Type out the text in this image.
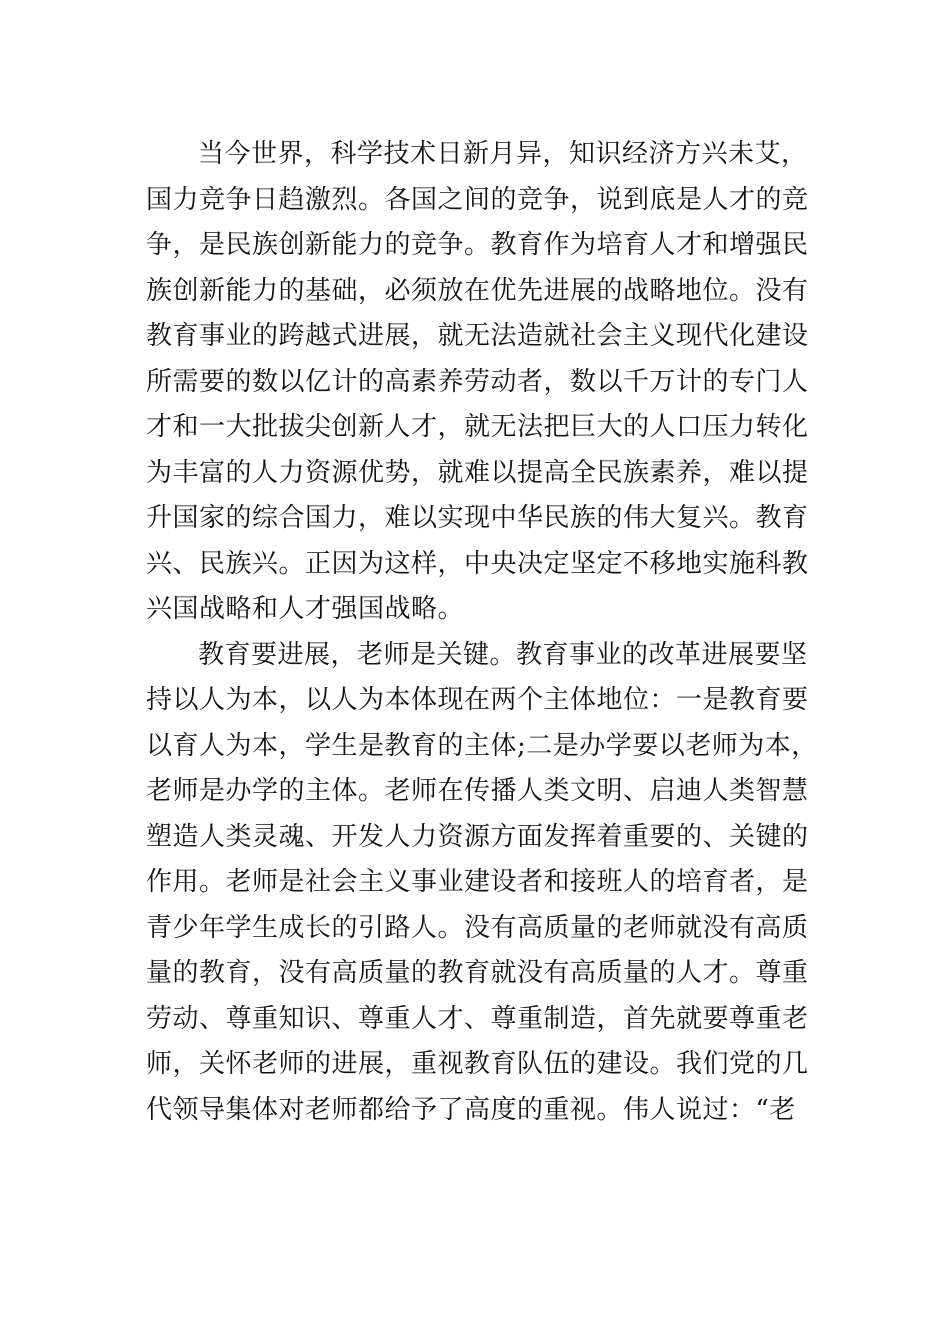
当今世界，科学技术日新月异，知识经济方兴未艾，
国力竞争日趋激烈。各国之间的竞争，说到底是人才的竞
争，是民族创新能力的竞争。教育作为培育人才和增强民
族创新能力的基础，必须放在优先进展的战略地位。没有
教育事业的跨越式进展，就无法造就社会主义现代化建设
所需要的数以亿计的高素养劳动者，数以千万计的专门人
才和一大批拔尖创新人才，就无法把巨大的人口压力转化
为丰富的人力资源优势，就难以提高全民族素养，难以提
升国家的综合国力，难以实现中华民族的伟大复兴。教育
兴、民族兴。正因为这样，中央决定坚定不移地实施科教
兴国战略和人才强国战略。
教育要进展，老师是关键。教育事业的改革进展要坚
持以人为本，以人为本体现在两个主体地位：一是教育要
以育人为本，学生是教育的主体;二是办学要以老师为本，
老师是办学的主体。老师在传播人类文明、启迪人类智慧
塑造人类灵魂、开发人力资源方面发挥着重要的、关键的
作用。老师是社会主义事业建设者和接班人的培育者，是
青少年学生成长的引路人。没有高质量的老师就没有高质
量的教育，没有高质量的教育就没有高质量的人才。尊重
劳动、尊重知识、尊重人才、尊重制造，首先就要尊重老
师，关怀老师的进展，重视教育队伍的建设。我们党的几
代领导集体对老师都给予了高度的重视。伟人说过：“老
